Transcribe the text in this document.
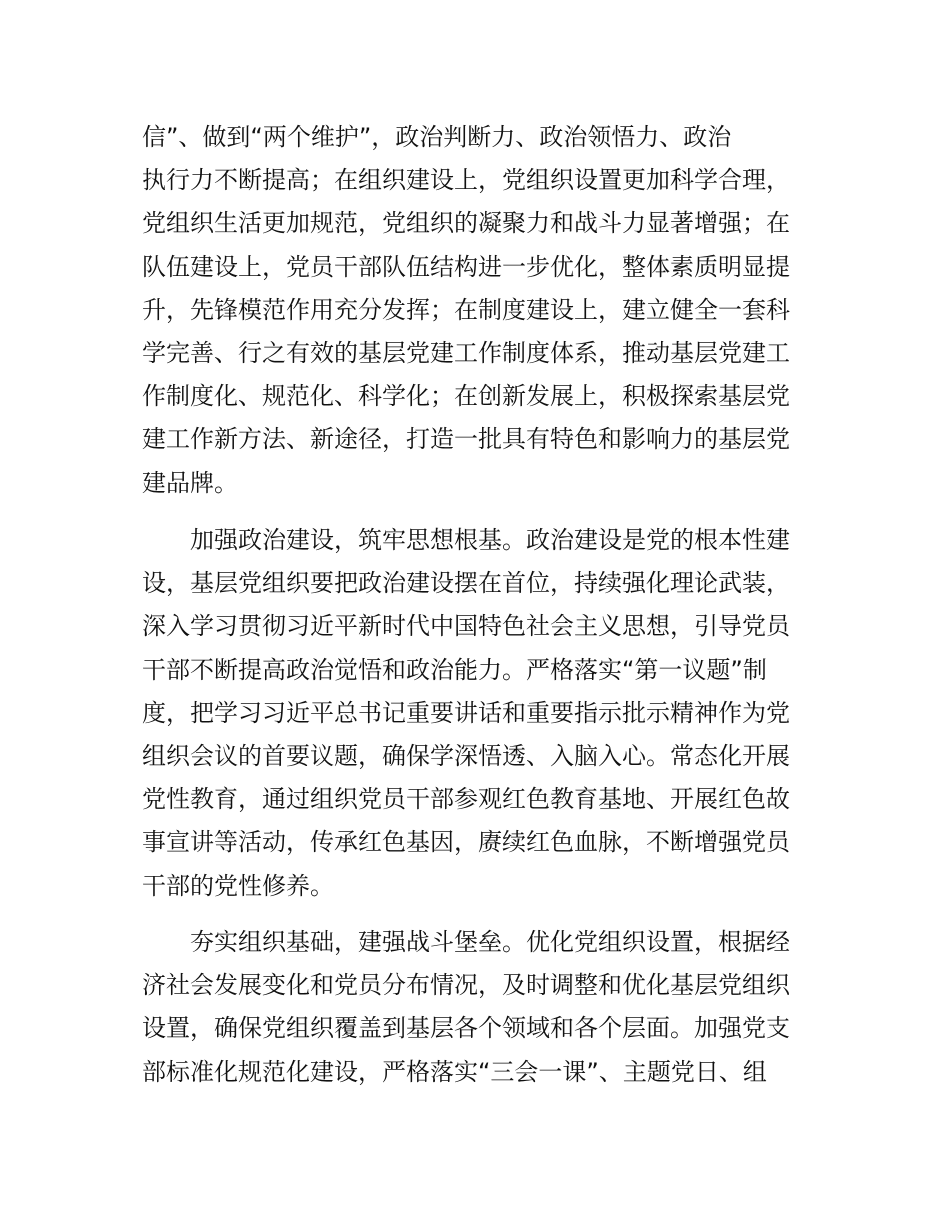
信”、做到“两个维护”，政治判断力、政治领悟力、政治
执行力不断提高；在组织建设上，党组织设置更加科学合理，
党组织生活更加规范，党组织的凝聚力和战斗力显著增强；在
队伍建设上，党员干部队伍结构进一步优化，整体素质明显提
升，先锋模范作用充分发挥；在制度建设上，建立健全一套科
学完善、行之有效的基层党建工作制度体系，推动基层党建工
作制度化、规范化、科学化；在创新发展上，积极探索基层党
建工作新方法、新途径，打造一批具有特色和影响力的基层党
建品牌。
加强政治建设，筑牢思想根基。政治建设是党的根本性建
设，基层党组织要把政治建设摆在首位，持续强化理论武装，
深入学习贯彻习近平新时代中国特色社会主义思想，引导党员
干部不断提高政治觉悟和政治能力。严格落实“第一议题”制
度，把学习习近平总书记重要讲话和重要指示批示精神作为党
组织会议的首要议题，确保学深悟透、入脑入心。常态化开展
党性教育，通过组织党员干部参观红色教育基地、开展红色故
事宣讲等活动，传承红色基因，赓续红色血脉，不断增强党员
干部的党性修养。
夯实组织基础，建强战斗堡垒。优化党组织设置，根据经
济社会发展变化和党员分布情况，及时调整和优化基层党组织
设置，确保党组织覆盖到基层各个领域和各个层面。加强党支
部标准化规范化建设，严格落实“三会一课”、主题党日、组
